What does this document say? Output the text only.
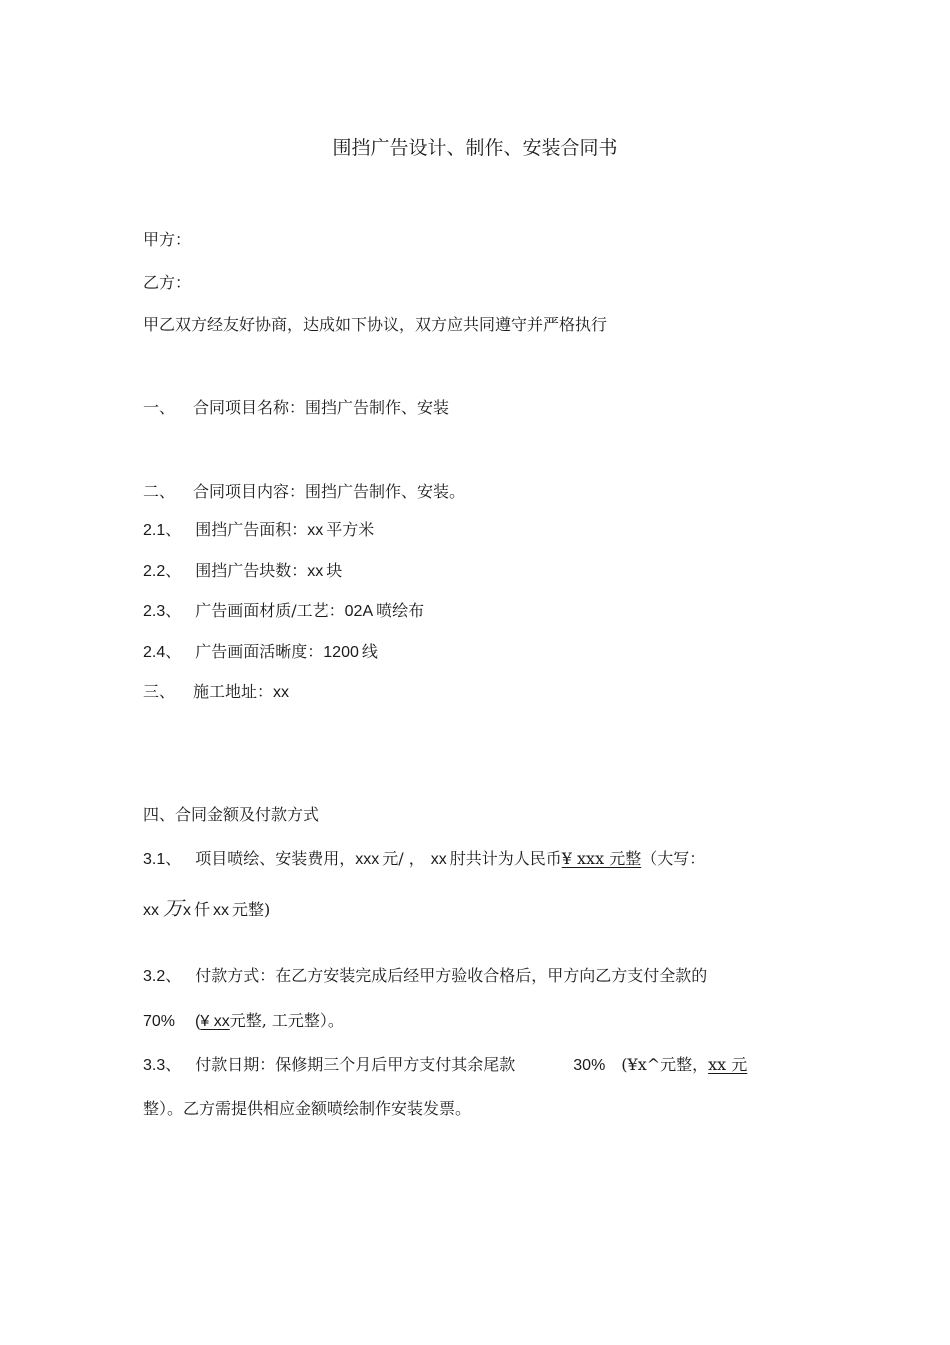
围挡广告设计、制作、安装合同书
甲方：
乙方：
甲乙双方经友好协商，达成如下协议，双方应共同遵守并严格执行
一、 合同项目名称：围挡广告制作、安装
二、 合同项目内容：围挡广告制作、安装。
2.1、 围挡广告面积：xx 平方米
2.2、 围挡广告块数：xx 块
2.3、 广告画面材质/工艺：02A 喷绘布
2.4、 广告画面活晰度：1200 线
三、 施工地址：xx
四、合同金额及付款方式
3.1、 项目喷绘、安装费用，xxx 元/ ， xx 肘共计为人民币¥ xxx 元整（大写：
xx 万x 仟 xx 元整)
3.2、 付款方式：在乙方安装完成后经甲方验收合格后，甲方向乙方支付全款的
70% (¥ xx元整, 工元整）。
3.3、 付款日期：保修期三个月后甲方支付其余尾款	30% (¥x^元整，xx 元
整）。乙方需提供相应金额喷绘制作安装发票。
